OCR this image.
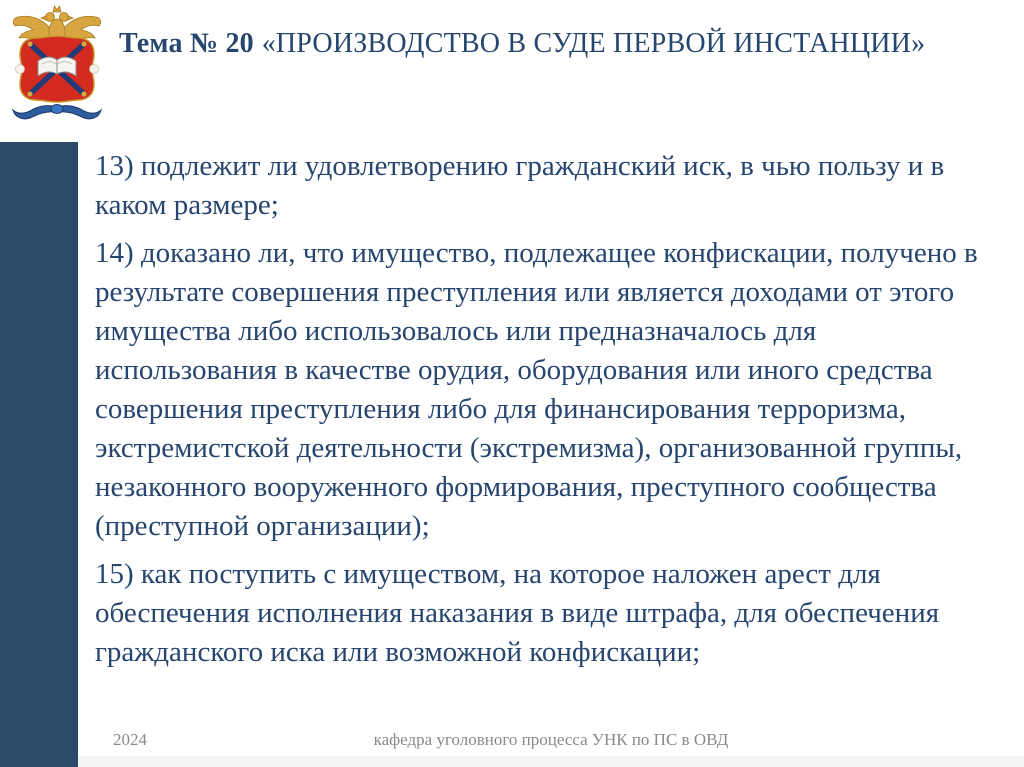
Тема № 20 «ПРОИЗВОДСТВО В СУДЕ ПЕРВОЙ ИНСТАНЦИИ»

13) подлежит ли удовлетворению гражданский иск, в чью пользу и в каком размере;

14) доказано ли, что имущество, подлежащее конфискации, получено в результате совершения преступления или является доходами от этого имущества либо использовалось или предназначалось для использования в качестве орудия, оборудования или иного средства совершения преступления либо для финансирования терроризма, экстремистской деятельности (экстремизма), организованной группы, незаконного вооруженного формирования, преступного сообщества (преступной организации);

15) как поступить с имуществом, на которое наложен арест для обеспечения исполнения наказания в виде штрафа, для обеспечения гражданского иска или возможной конфискации;

2024	кафедра уголовного процесса УНК по ПС в ОВД
